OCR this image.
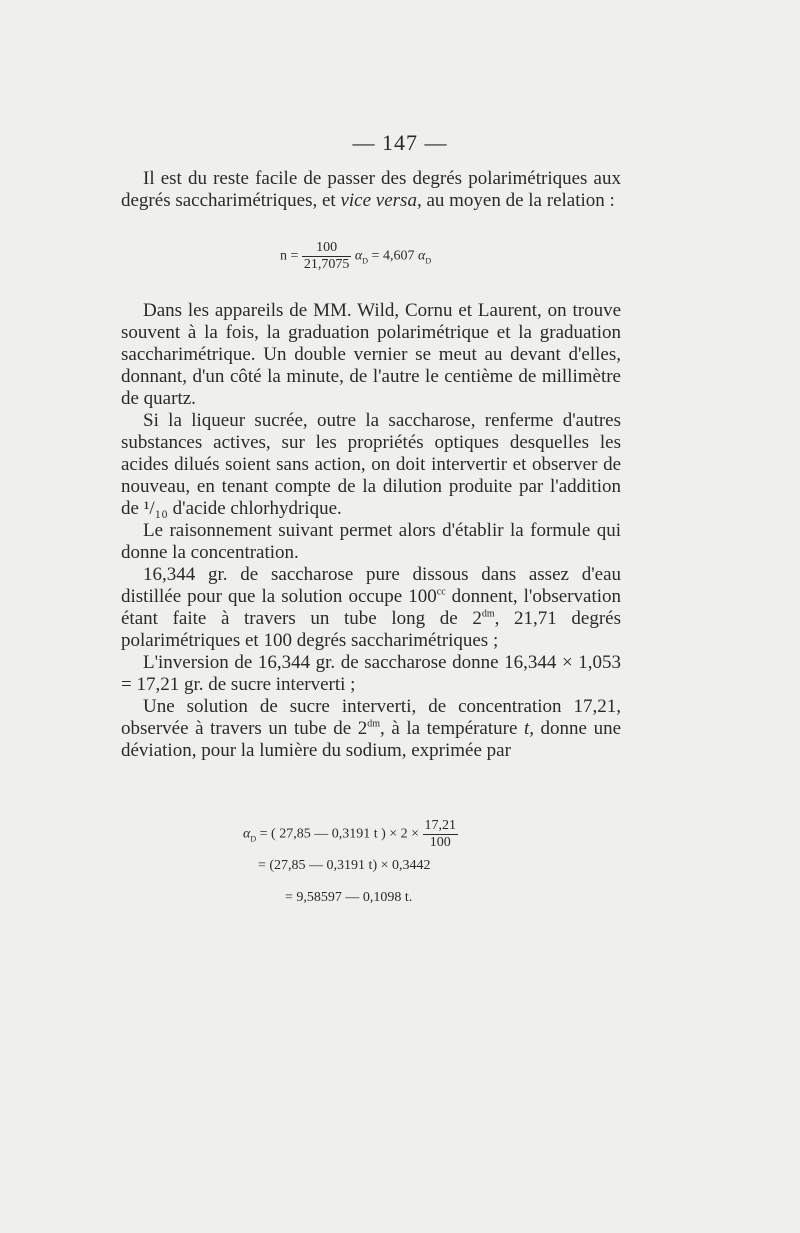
— 147 —

Il est du reste facile de passer des degrés polarimétriques aux degrés saccharimétriques, et vice versa, au moyen de la relation :

$n = \frac{100}{21,7075} \alpha_D = 4,607$ $\alpha_D$

Dans les appareils de MM. Wild, Cornu et Laurent, on trouve souvent à la fois, la graduation polarimétrique et la graduation saccharimétrique. Un double vernier se meut au devant d'elles, donnant, d'un côté la minute, de l'autre le centième de millimètre de quartz.

Si la liqueur sucrée, outre la saccharose, renferme d'autres substances actives, sur les propriétés optiques desquelles les acides dilués soient sans action, on doit intervertir et observer de nouveau, en tenant compte de la dilution produite par l'addition de ¹/₁₀ d'acide chlorhydrique.

Le raisonnement suivant permet alors d'établir la formule qui donne la concentration.

16,344 gr. de saccharose pure dissous dans assez d'eau distillée pour que la solution occupe $100^{cc}$ donnent, l'observation étant faite à travers un tube long de $2^{dm}$, 21,71 degrés polarimétriques et 100 degrés saccharimétriques ;

L'inversion de 16,344 gr. de saccharose donne 16,344 × 1,053 = 17,21 gr. de sucre interverti ;

Une solution de sucre interverti, de concentration 17,21, observée à travers un tube de $2^{dm}$, à la température t, donne une déviation, pour la lumière du sodium, exprimée par

$\alpha_D$ = ( 27,85 — 0,3191 t ) × $2 \times \frac{17,21}{100}$
= (27,85 — 0,3191 t) × 0,3442
= 9,58597 — 0,1098 t.
